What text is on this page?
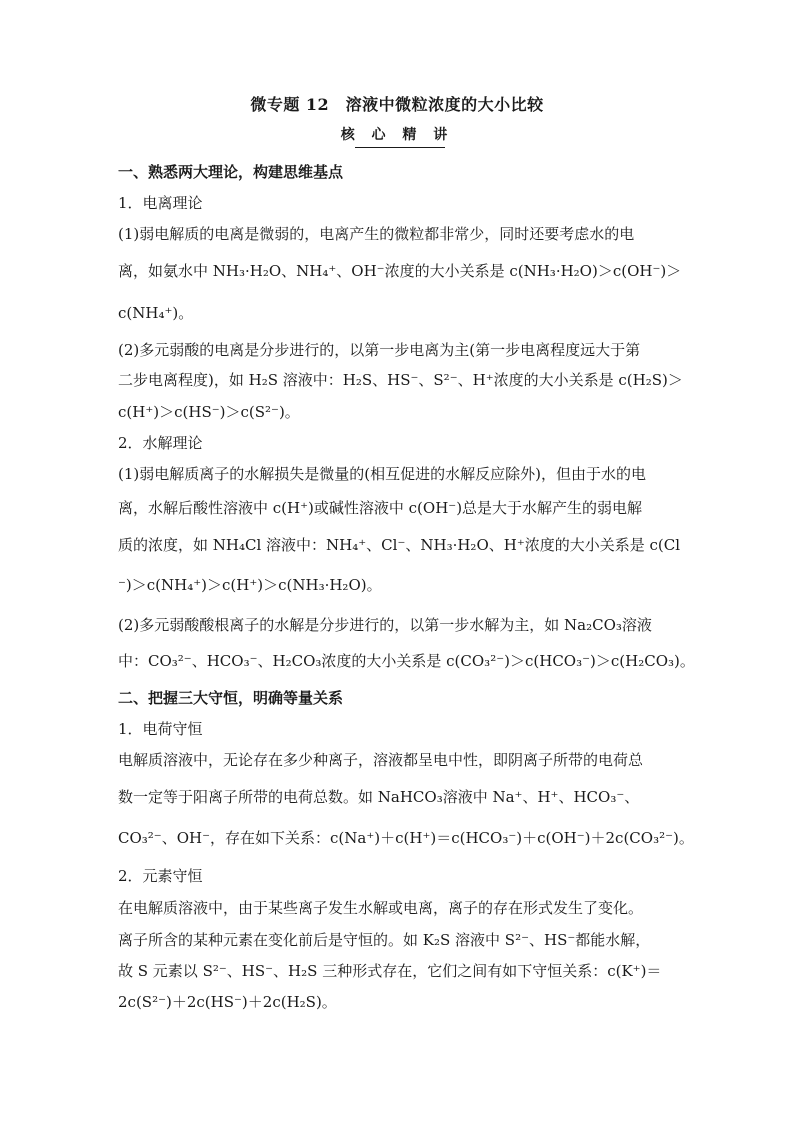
微专题 12　溶液中微粒浓度的大小比较
核 心 精 讲
一、熟悉两大理论，构建思维基点
1．电离理论
(1)弱电解质的电离是微弱的，电离产生的微粒都非常少，同时还要考虑水的电
离，如氨水中 NH₃·H₂O、NH₄⁺、OH⁻浓度的大小关系是 c(NH₃·H₂O)＞c(OH⁻)＞
c(NH₄⁺)。
(2)多元弱酸的电离是分步进行的，以第一步电离为主(第一步电离程度远大于第
二步电离程度)，如 H₂S 溶液中：H₂S、HS⁻、S²⁻、H⁺浓度的大小关系是 c(H₂S)＞
c(H⁺)＞c(HS⁻)＞c(S²⁻)。
2．水解理论
(1)弱电解质离子的水解损失是微量的(相互促进的水解反应除外)，但由于水的电
离，水解后酸性溶液中 c(H⁺)或碱性溶液中 c(OH⁻)总是大于水解产生的弱电解
质的浓度，如 NH₄Cl 溶液中：NH₄⁺、Cl⁻、NH₃·H₂O、H⁺浓度的大小关系是 c(Cl
⁻)＞c(NH₄⁺)＞c(H⁺)＞c(NH₃·H₂O)。
(2)多元弱酸酸根离子的水解是分步进行的，以第一步水解为主，如 Na₂CO₃溶液
中：CO₃²⁻、HCO₃⁻、H₂CO₃浓度的大小关系是 c(CO₃²⁻)＞c(HCO₃⁻)＞c(H₂CO₃)。
二、把握三大守恒，明确等量关系
1．电荷守恒
电解质溶液中，无论存在多少种离子，溶液都呈电中性，即阴离子所带的电荷总
数一定等于阳离子所带的电荷总数。如 NaHCO₃溶液中 Na⁺、H⁺、HCO₃⁻、
CO₃²⁻、OH⁻，存在如下关系：c(Na⁺)＋c(H⁺)＝c(HCO₃⁻)＋c(OH⁻)＋2c(CO₃²⁻)。
2．元素守恒
在电解质溶液中，由于某些离子发生水解或电离，离子的存在形式发生了变化。
离子所含的某种元素在变化前后是守恒的。如 K₂S 溶液中 S²⁻、HS⁻都能水解，
故 S 元素以 S²⁻、HS⁻、H₂S 三种形式存在，它们之间有如下守恒关系：c(K⁺)＝
2c(S²⁻)＋2c(HS⁻)＋2c(H₂S)。
